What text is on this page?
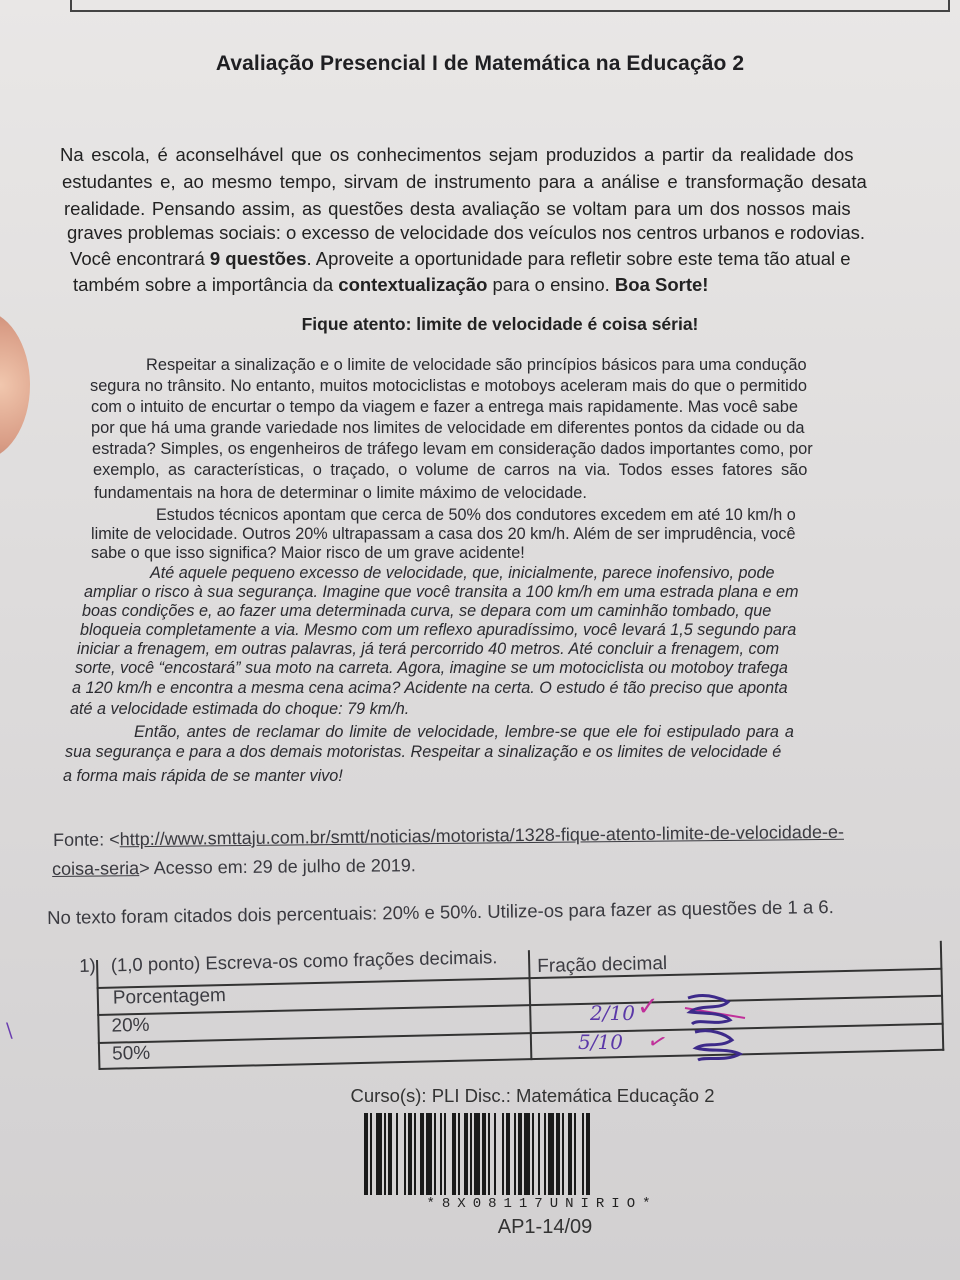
Avaliação Presencial I de Matemática na Educação 2
Na escola, é aconselhável que os conhecimentos sejam produzidos a partir da realidade dos
estudantes e, ao mesmo tempo, sirvam de instrumento para a análise e transformação desata
realidade. Pensando assim, as questões desta avaliação se voltam para um dos nossos mais
graves problemas sociais: o excesso de velocidade dos veículos nos centros urbanos e rodovias.
Você encontrará 9 questões. Aproveite a oportunidade para refletir sobre este tema tão atual e
também sobre a importância da contextualização para o ensino. Boa Sorte!
Fique atento: limite de velocidade é coisa séria!
Respeitar a sinalização e o limite de velocidade são princípios básicos para uma condução
segura no trânsito. No entanto, muitos motociclistas e motoboys aceleram mais do que o permitido
com o intuito de encurtar o tempo da viagem e fazer a entrega mais rapidamente. Mas você sabe
por que há uma grande variedade nos limites de velocidade em diferentes pontos da cidade ou da
estrada? Simples, os engenheiros de tráfego levam em consideração dados importantes como, por
exemplo, as características, o traçado, o volume de carros na via. Todos esses fatores são
fundamentais na hora de determinar o limite máximo de velocidade.
Estudos técnicos apontam que cerca de 50% dos condutores excedem em até 10 km/h o
limite de velocidade. Outros 20% ultrapassam a casa dos 20 km/h. Além de ser imprudência, você
sabe o que isso significa? Maior risco de um grave acidente!
Até aquele pequeno excesso de velocidade, que, inicialmente, parece inofensivo, pode
ampliar o risco à sua segurança. Imagine que você transita a 100 km/h em uma estrada plana e em
boas condições e, ao fazer uma determinada curva, se depara com um caminhão tombado, que
bloqueia completamente a via. Mesmo com um reflexo apuradíssimo, você levará 1,5 segundo para
iniciar a frenagem, em outras palavras, já terá percorrido 40 metros. Até concluir a frenagem, com
sorte, você “encostará” sua moto na carreta. Agora, imagine se um motociclista ou motoboy trafega
a 120 km/h e encontra a mesma cena acima? Acidente na certa. O estudo é tão preciso que aponta
até a velocidade estimada do choque: 79 km/h.
Então, antes de reclamar do limite de velocidade, lembre-se que ele foi estipulado para a
sua segurança e para a dos demais motoristas. Respeitar a sinalização e os limites de velocidade é
a forma mais rápida de se manter vivo!
Fonte: <http://www.smttaju.com.br/smtt/noticias/motorista/1328-fique-atento-limite-de-velocidade-e-
coisa-seria> Acesso em: 29 de julho de 2019.
No texto foram citados dois percentuais: 20% e 50%. Utilize-os para fazer as questões de 1 a 6.
1) (1,0 ponto) Escreva-os como frações decimais.
Porcentagem
Fração decimal
20%
50%
2/10
5/10
✓
✓
\
Curso(s): PLI Disc.: Matemática Educação 2
*8X08117UNIRIO*
AP1-14/09
